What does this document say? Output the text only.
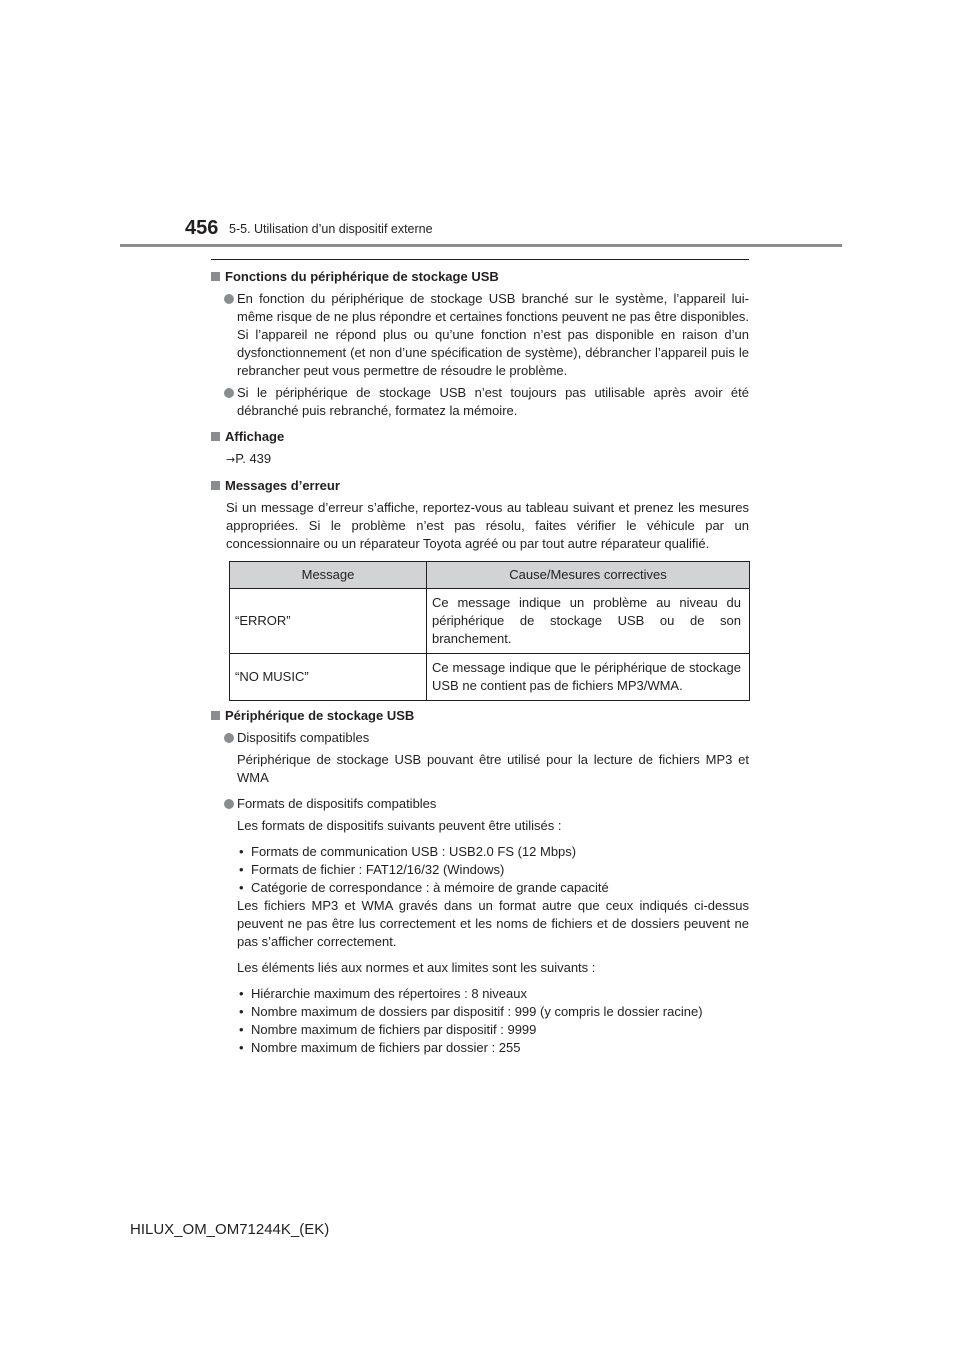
456 5-5. Utilisation d’un dispositif externe
Fonctions du périphérique de stockage USB
En fonction du périphérique de stockage USB branché sur le système, l’appareil lui-même risque de ne plus répondre et certaines fonctions peuvent ne pas être disponibles. Si l’appareil ne répond plus ou qu’une fonction n’est pas disponible en raison d’un dysfonctionnement (et non d’une spécification de système), débrancher l’appareil puis le rebrancher peut vous permettre de résoudre le problème.
Si le périphérique de stockage USB n’est toujours pas utilisable après avoir été débranché puis rebranché, formatez la mémoire.
Affichage
→P. 439
Messages d’erreur
Si un message d’erreur s’affiche, reportez-vous au tableau suivant et prenez les mesures appropriées. Si le problème n’est pas résolu, faites vérifier le véhicule par un concessionnaire ou un réparateur Toyota agréé ou par tout autre réparateur qualifié.
Message	Cause/Mesures correctives
“ERROR”	Ce message indique un problème au niveau du périphérique de stockage USB ou de son branchement.
“NO MUSIC”	Ce message indique que le périphérique de stockage USB ne contient pas de fichiers MP3/WMA.
Périphérique de stockage USB
Dispositifs compatibles
Périphérique de stockage USB pouvant être utilisé pour la lecture de fichiers MP3 et WMA
Formats de dispositifs compatibles
Les formats de dispositifs suivants peuvent être utilisés :
• Formats de communication USB : USB2.0 FS (12 Mbps)
• Formats de fichier : FAT12/16/32 (Windows)
• Catégorie de correspondance : à mémoire de grande capacité
Les fichiers MP3 et WMA gravés dans un format autre que ceux indiqués ci-dessus peuvent ne pas être lus correctement et les noms de fichiers et de dossiers peuvent ne pas s’afficher correctement.
Les éléments liés aux normes et aux limites sont les suivants :
• Hiérarchie maximum des répertoires : 8 niveaux
• Nombre maximum de dossiers par dispositif : 999 (y compris le dossier racine)
• Nombre maximum de fichiers par dispositif : 9999
• Nombre maximum de fichiers par dossier : 255
HILUX_OM_OM71244K_(EK)
